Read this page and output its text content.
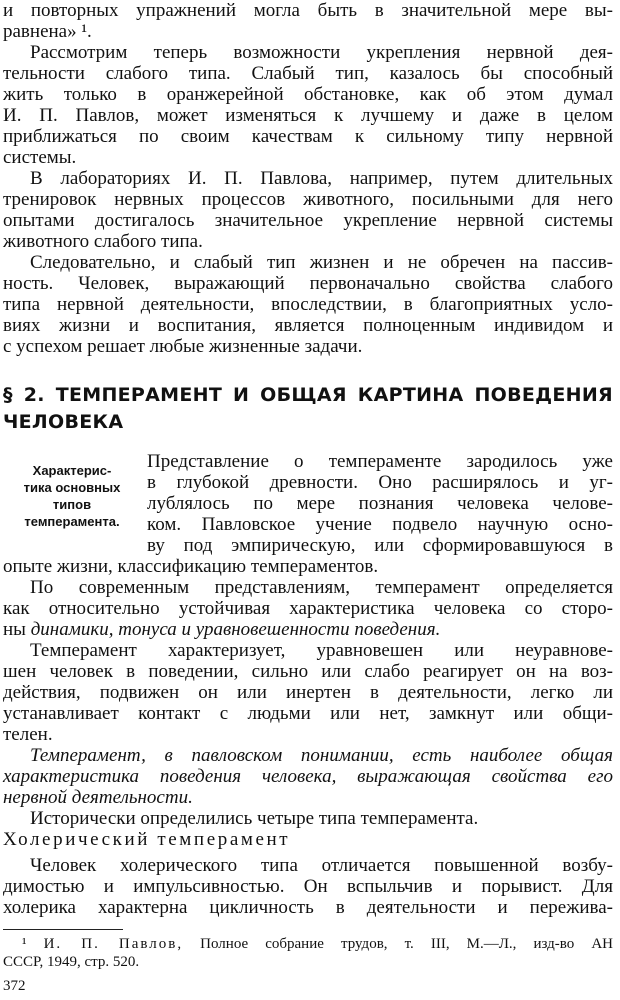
и повторных упражнений могла быть в значительной мере вы-
равнена» ¹.
Рассмотрим теперь возможности укрепления нервной дея-
тельности слабого типа. Слабый тип, казалось бы способный
жить только в оранжерейной обстановке, как об этом думал
И. П. Павлов, может изменяться к лучшему и даже в целом
приближаться по своим качествам к сильному типу нервной
системы.
В лабораториях И. П. Павлова, например, путем длительных
тренировок нервных процессов животного, посильными для него
опытами достигалось значительное укрепление нервной системы
животного слабого типа.
Следовательно, и слабый тип жизнен и не обречен на пассив-
ность. Человек, выражающий первоначально свойства слабого
типа нервной деятельности, впоследствии, в благоприятных усло-
виях жизни и воспитания, является полноценным индивидом и
с успехом решает любые жизненные задачи.
§ 2. ТЕМПЕРАМЕНТ И ОБЩАЯ КАРТИНА ПОВЕДЕНИЯ
ЧЕЛОВЕКА
Характерис-
тика основных
типов
темперамента.
Представление о темпераменте зародилось уже
в глубокой древности. Оно расширялось и уг-
лублялось по мере познания человека челове-
ком. Павловское учение подвело научную осно-
ву под эмпирическую, или сформировавшуюся в
опыте жизни, классификацию темпераментов.
По современным представлениям, темперамент определяется
как относительно устойчивая характеристика человека со сторо-
ны динамики, тонуса и уравновешенности поведения.
Темперамент характеризует, уравновешен или неуравнове-
шен человек в поведении, сильно или слабо реагирует он на воз-
действия, подвижен он или инертен в деятельности, легко ли
устанавливает контакт с людьми или нет, замкнут или общи-
телен.
Темперамент, в павловском понимании, есть наиболее общая
характеристика поведения человека, выражающая свойства его
нервной деятельности.
Исторически определились четыре типа темперамента.
Холерический темперамент
Человек холерического типа отличается повышенной возбу-
димостью и импульсивностью. Он вспыльчив и порывист. Для
холерика характерна цикличность в деятельности и пережива-
¹ И. П. Павлов, Полное собрание трудов, т. III, М.—Л., изд-во АН
СССР, 1949, стр. 520.
372
